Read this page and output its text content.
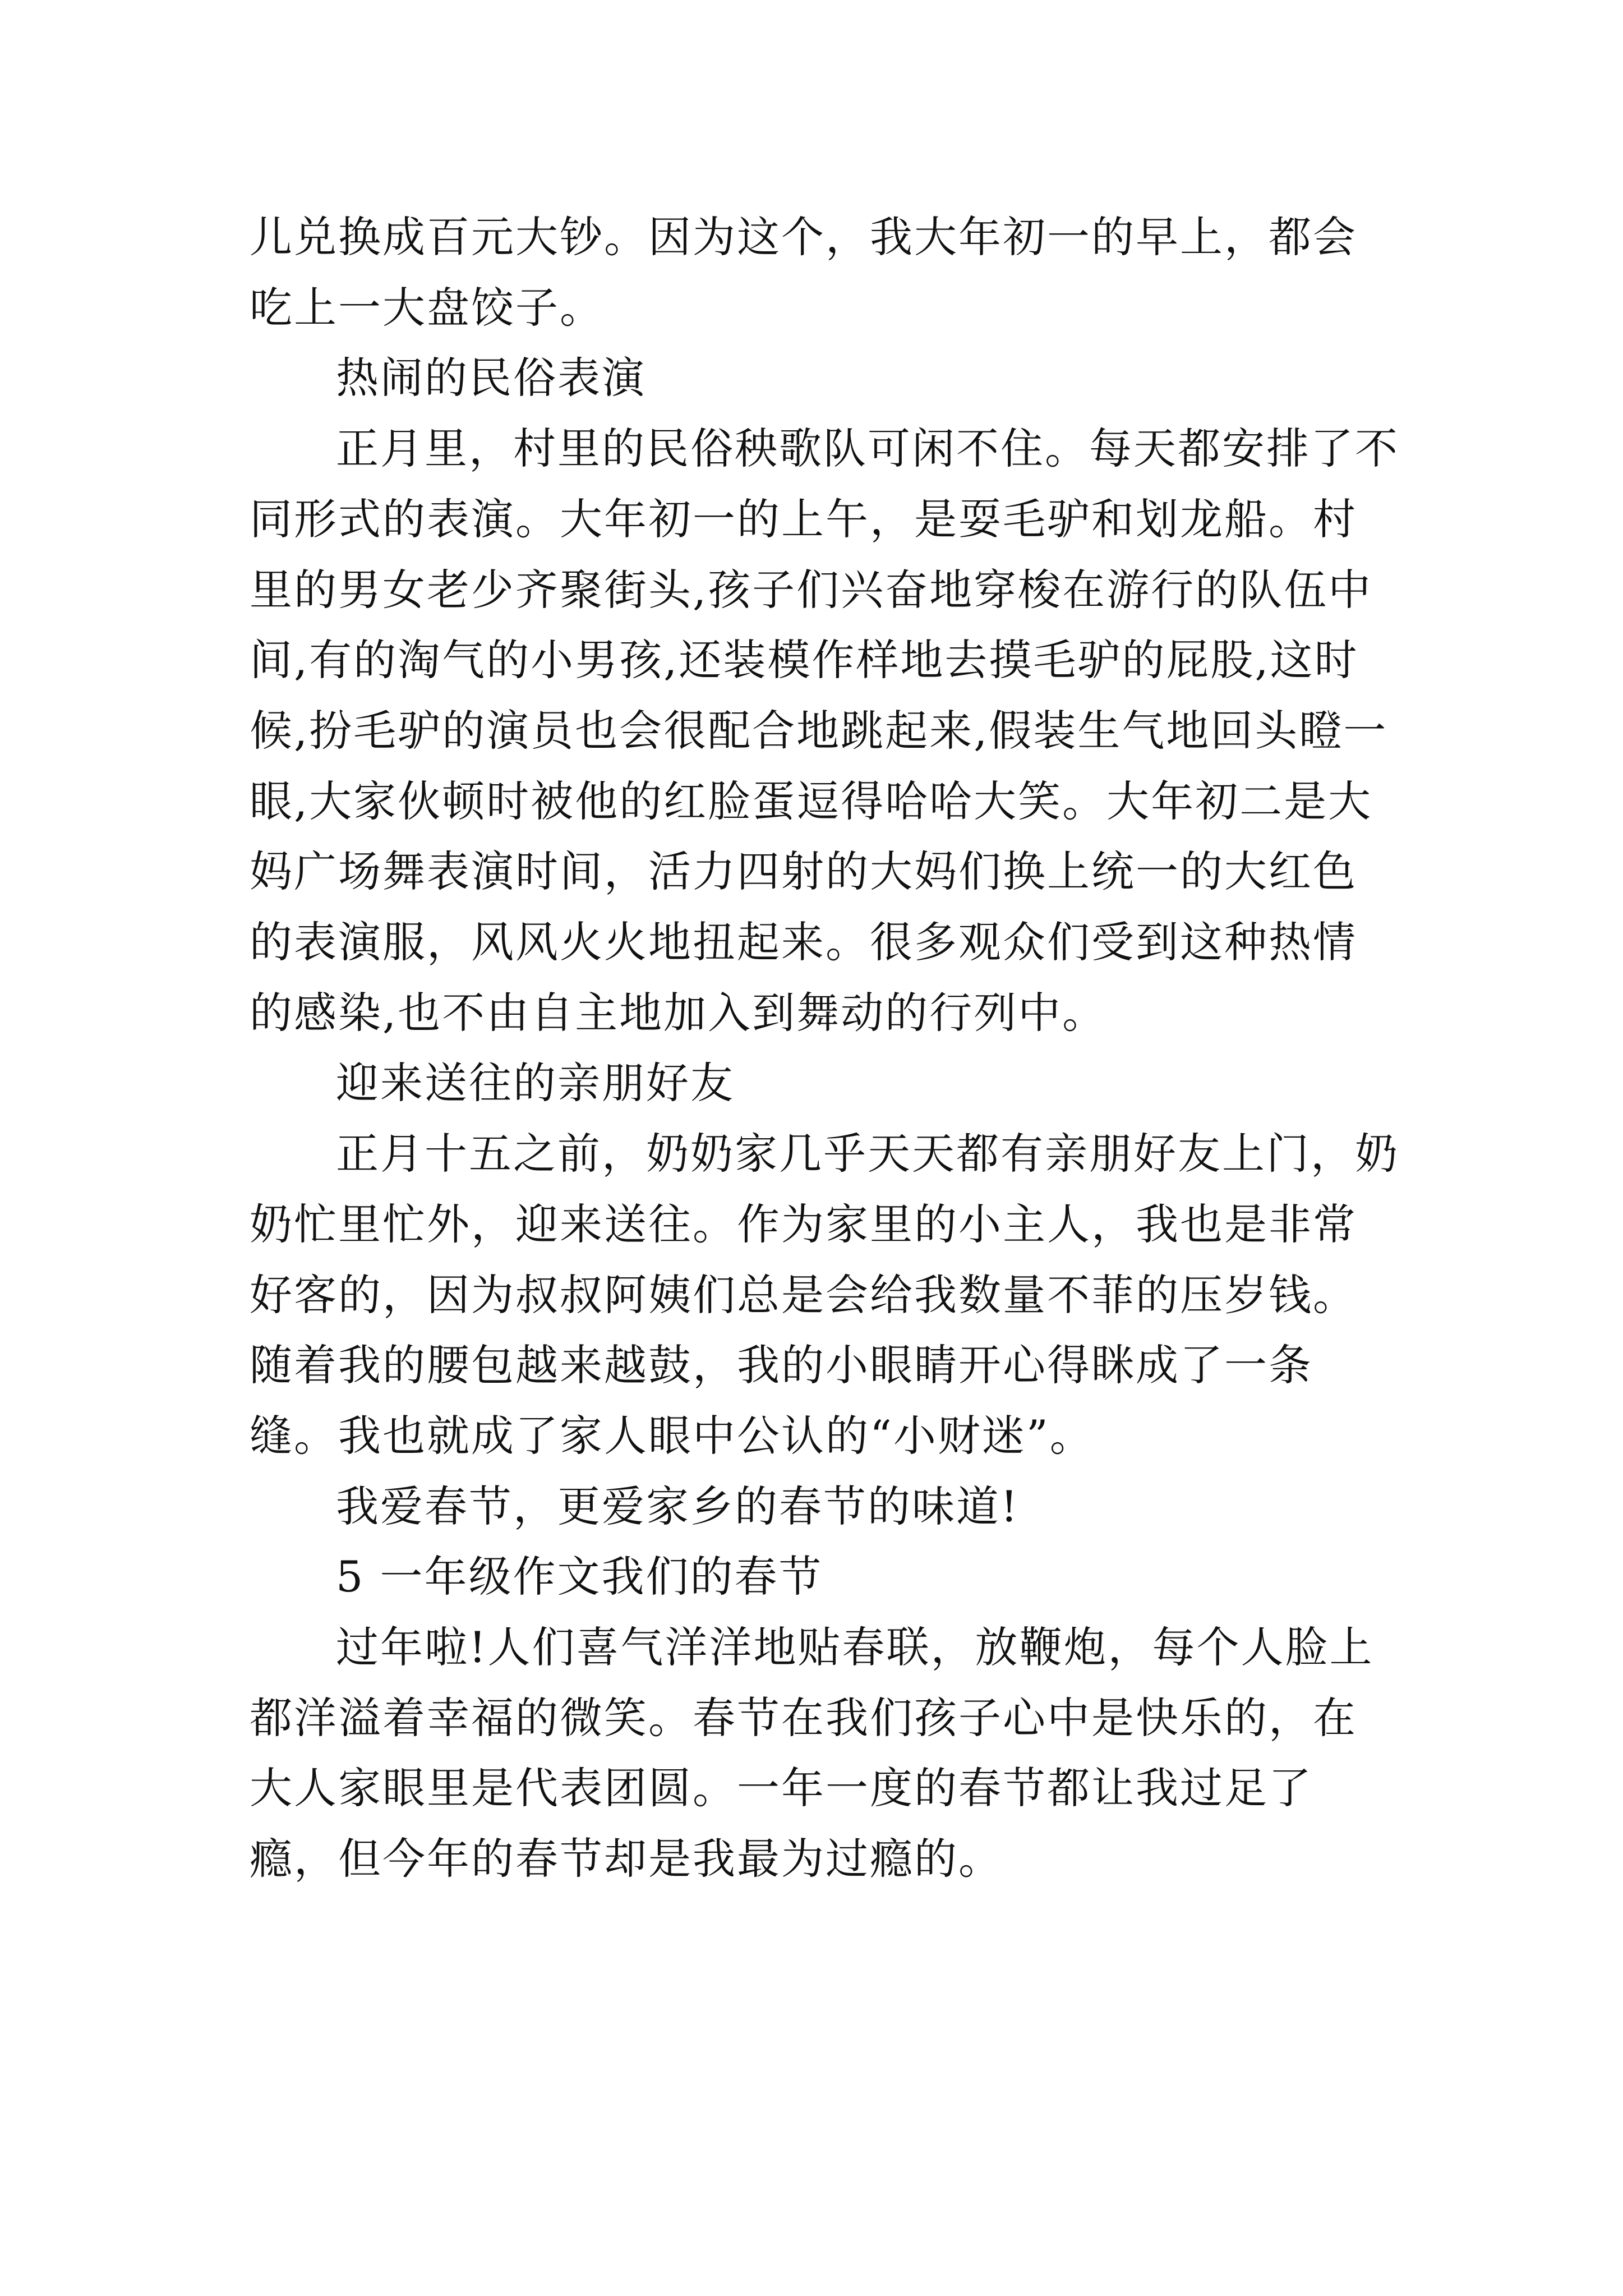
儿兑换成百元大钞。因为这个，我大年初一的早上，都会吃上一大盘饺子。

热闹的民俗表演

正月里，村里的民俗秧歌队可闲不住。每天都安排了不同形式的表演。大年初一的上午，是耍毛驴和划龙船。村里的男女老少齐聚街头,孩子们兴奋地穿梭在游行的队伍中间,有的淘气的小男孩,还装模作样地去摸毛驴的屁股,这时候,扮毛驴的演员也会很配合地跳起来,假装生气地回头瞪一眼,大家伙顿时被他的红脸蛋逗得哈哈大笑。大年初二是大妈广场舞表演时间，活力四射的大妈们换上统一的大红色的表演服，风风火火地扭起来。很多观众们受到这种热情的感染,也不由自主地加入到舞动的行列中。

迎来送往的亲朋好友

正月十五之前，奶奶家几乎天天都有亲朋好友上门，奶奶忙里忙外，迎来送往。作为家里的小主人，我也是非常好客的，因为叔叔阿姨们总是会给我数量不菲的压岁钱。随着我的腰包越来越鼓，我的小眼睛开心得眯成了一条缝。我也就成了家人眼中公认的“小财迷”。

我爱春节，更爱家乡的春节的味道!

5 一年级作文我们的春节

过年啦!人们喜气洋洋地贴春联，放鞭炮，每个人脸上都洋溢着幸福的微笑。春节在我们孩子心中是快乐的，在大人家眼里是代表团圆。一年一度的春节都让我过足了瘾，但今年的春节却是我最为过瘾的。
